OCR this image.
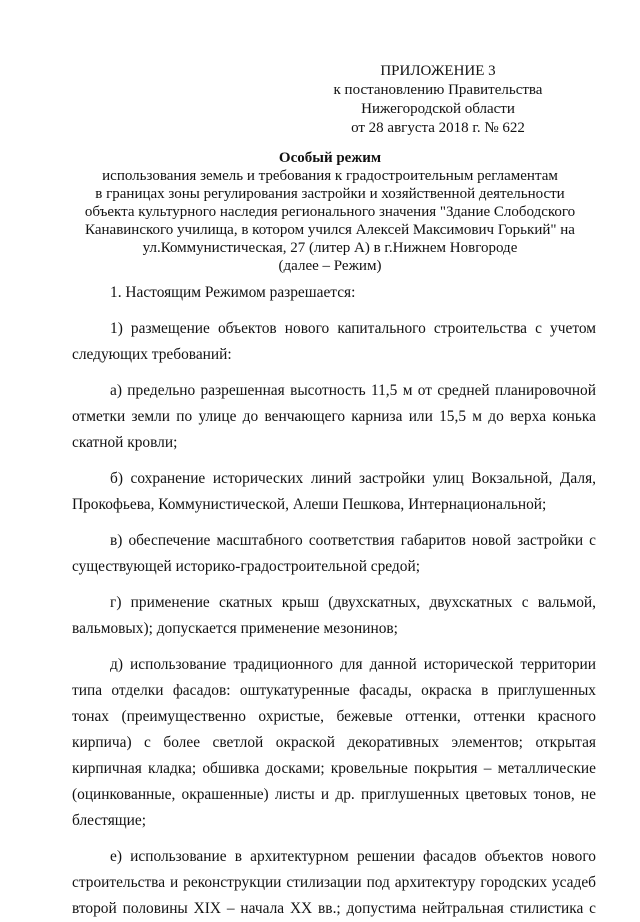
ПРИЛОЖЕНИЕ 3
к постановлению Правительства
Нижегородской области
от 28 августа 2018 г. № 622
Особый режим
использования земель и требования к градостроительным регламентам
в границах зоны регулирования застройки и хозяйственной деятельности
объекта культурного наследия регионального значения "Здание Слободского
Канавинского училища, в котором учился Алексей Максимович Горький" на
ул.Коммунистическая, 27 (литер А) в г.Нижнем Новгороде
(далее – Режим)
1. Настоящим Режимом разрешается:
1) размещение объектов нового капитального строительства с учетом следующих требований:
а) предельно разрешенная высотность 11,5 м от средней планировочной отметки земли по улице до венчающего карниза или 15,5 м до верха конька скатной кровли;
б) сохранение исторических линий застройки улиц Вокзальной, Даля, Прокофьева, Коммунистической, Алеши Пешкова, Интернациональной;
в) обеспечение масштабного соответствия габаритов новой застройки с существующей историко-градостроительной средой;
г) применение скатных крыш (двухскатных, двухскатных с вальмой, вальмовых); допускается применение мезонинов;
д) использование традиционного для данной исторической территории типа отделки фасадов: оштукатуренные фасады, окраска в приглушенных тонах (преимущественно охристые, бежевые оттенки, оттенки красного кирпича) с более светлой окраской декоративных элементов; открытая кирпичная кладка; обшивка досками; кровельные покрытия – металлические (оцинкованные, окрашенные) листы и др. приглушенных цветовых тонов, не блестящие;
е) использование в архитектурном решении фасадов объектов нового строительства и реконструкции стилизации под архитектуру городских усадеб второй половины XIX – начала XX вв.; допустима нейтральная стилистика с
